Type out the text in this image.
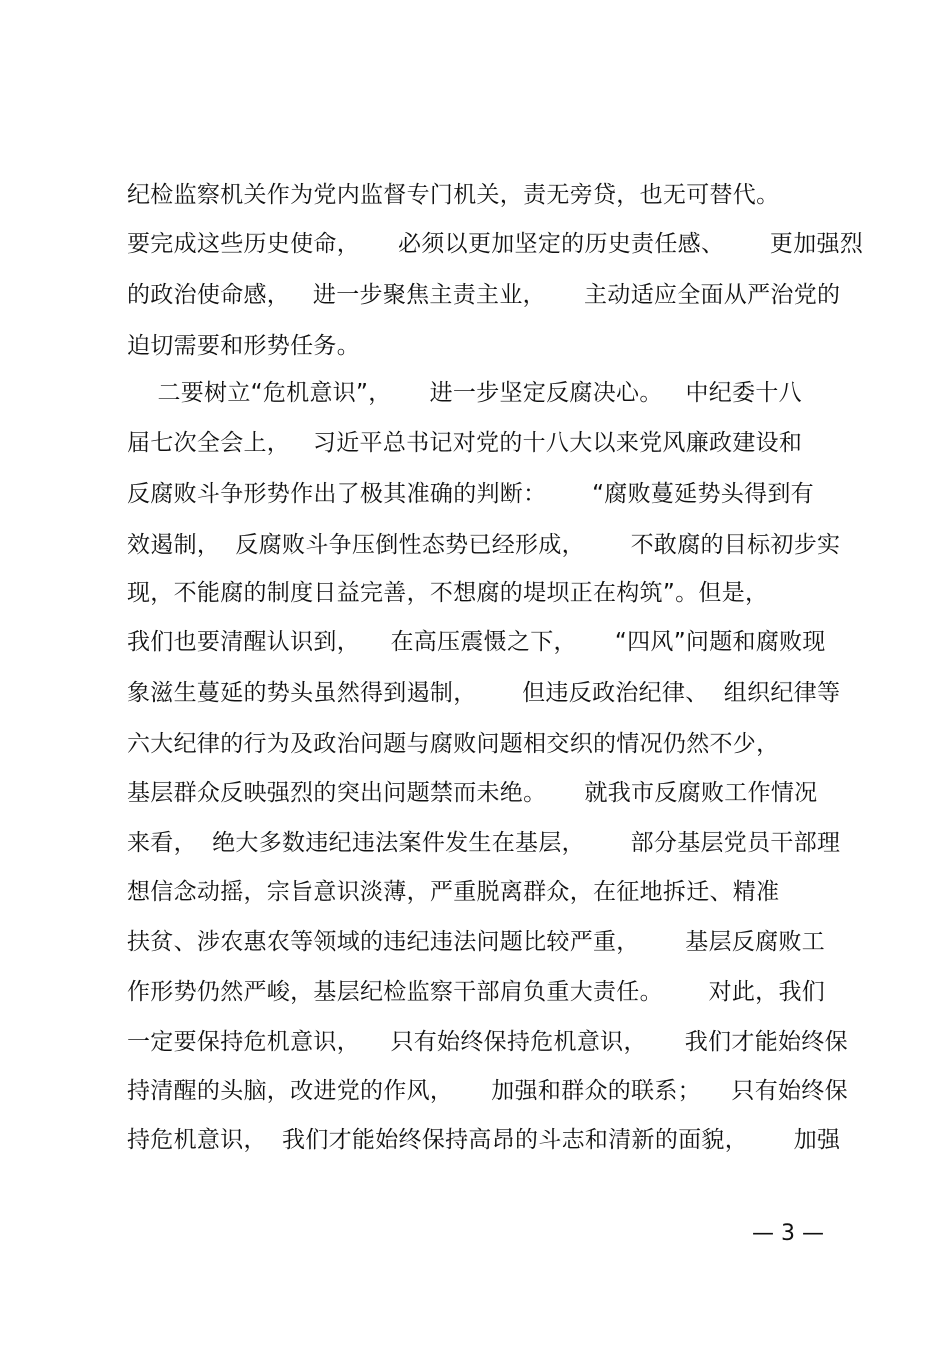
纪检监察机关作为党内监督专门机关，责无旁贷，也无可替代。
要完成这些历史使命，     必须以更加坚定的历史责任感、      更加强烈
的政治使命感，   进一步聚焦主责主业，     主动适应全面从严治党的
迫切需要和形势任务。
二要树立“危机意识”，     进一步坚定反腐决心。   中纪委十八
届七次全会上，   习近平总书记对党的十八大以来党风廉政建设和
反腐败斗争形势作出了极其准确的判断：      “腐败蔓延势头得到有
效遏制，  反腐败斗争压倒性态势已经形成，      不敢腐的目标初步实
现，不能腐的制度日益完善，不想腐的堤坝正在构筑”。但是，
我们也要清醒认识到，    在高压震慑之下，     “四风”问题和腐败现
象滋生蔓延的势头虽然得到遏制，      但违反政治纪律、  组织纪律等
六大纪律的行为及政治问题与腐败问题相交织的情况仍然不少，
基层群众反映强烈的突出问题禁而未绝。     就我市反腐败工作情况
来看，  绝大多数违纪违法案件发生在基层，      部分基层党员干部理
想信念动摇，宗旨意识淡薄，严重脱离群众，在征地拆迁、精准
扶贫、涉农惠农等领域的违纪违法问题比较严重，      基层反腐败工
作形势仍然严峻，基层纪检监察干部肩负重大责任。      对此，我们
一定要保持危机意识，    只有始终保持危机意识，     我们才能始终保
持清醒的头脑，改进党的作风，     加强和群众的联系；    只有始终保
持危机意识，  我们才能始终保持高昂的斗志和清新的面貌，      加强
— 3 —
